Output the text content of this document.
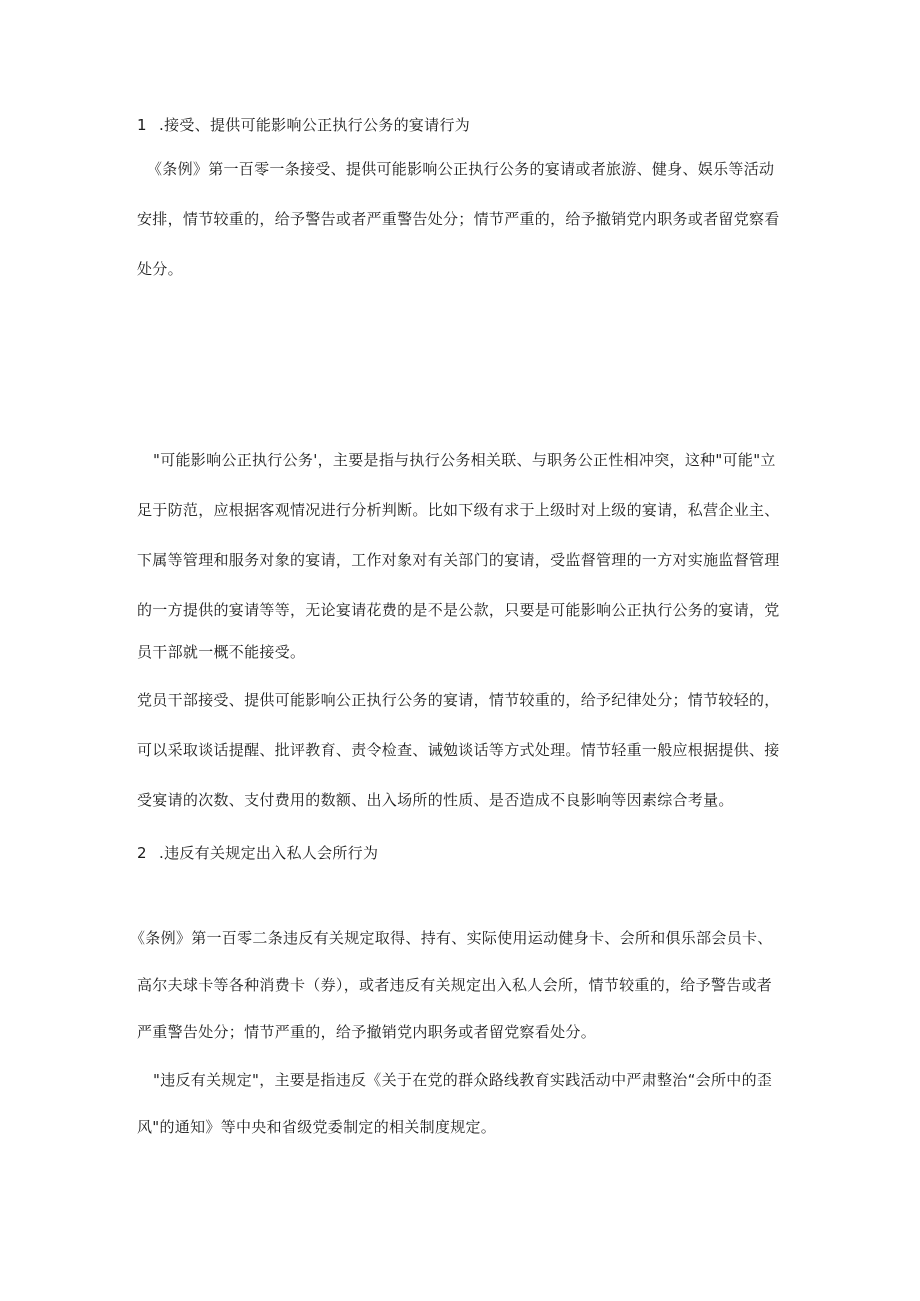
1 .接受、提供可能影响公正执行公务的宴请行为
《条例》第一百零一条接受、提供可能影响公正执行公务的宴请或者旅游、健身、娱乐等活动
安排，情节较重的，给予警告或者严重警告处分；情节严重的，给予撤销党内职务或者留党察看
处分。
"可能影响公正执行公务'，主要是指与执行公务相关联、与职务公正性相冲突，这种"可能"立
足于防范，应根据客观情况进行分析判断。比如下级有求于上级时对上级的宴请，私营企业主、
下属等管理和服务对象的宴请，工作对象对有关部门的宴请，受监督管理的一方对实施监督管理
的一方提供的宴请等等，无论宴请花费的是不是公款，只要是可能影响公正执行公务的宴请，党
员干部就一概不能接受。
党员干部接受、提供可能影响公正执行公务的宴请，情节较重的，给予纪律处分；情节较轻的，
可以采取谈话提醒、批评教育、责令检查、诫勉谈话等方式处理。情节轻重一般应根据提供、接
受宴请的次数、支付费用的数额、出入场所的性质、是否造成不良影响等因素综合考量。
2 .违反有关规定出入私人会所行为
《条例》第一百零二条违反有关规定取得、持有、实际使用运动健身卡、会所和俱乐部会员卡、
高尔夫球卡等各种消费卡（券），或者违反有关规定出入私人会所，情节较重的，给予警告或者
严重警告处分；情节严重的，给予撤销党内职务或者留党察看处分。
"违反有关规定"，主要是指违反《关于在党的群众路线教育实践活动中严肃整治“会所中的歪
风"的通知》等中央和省级党委制定的相关制度规定。
